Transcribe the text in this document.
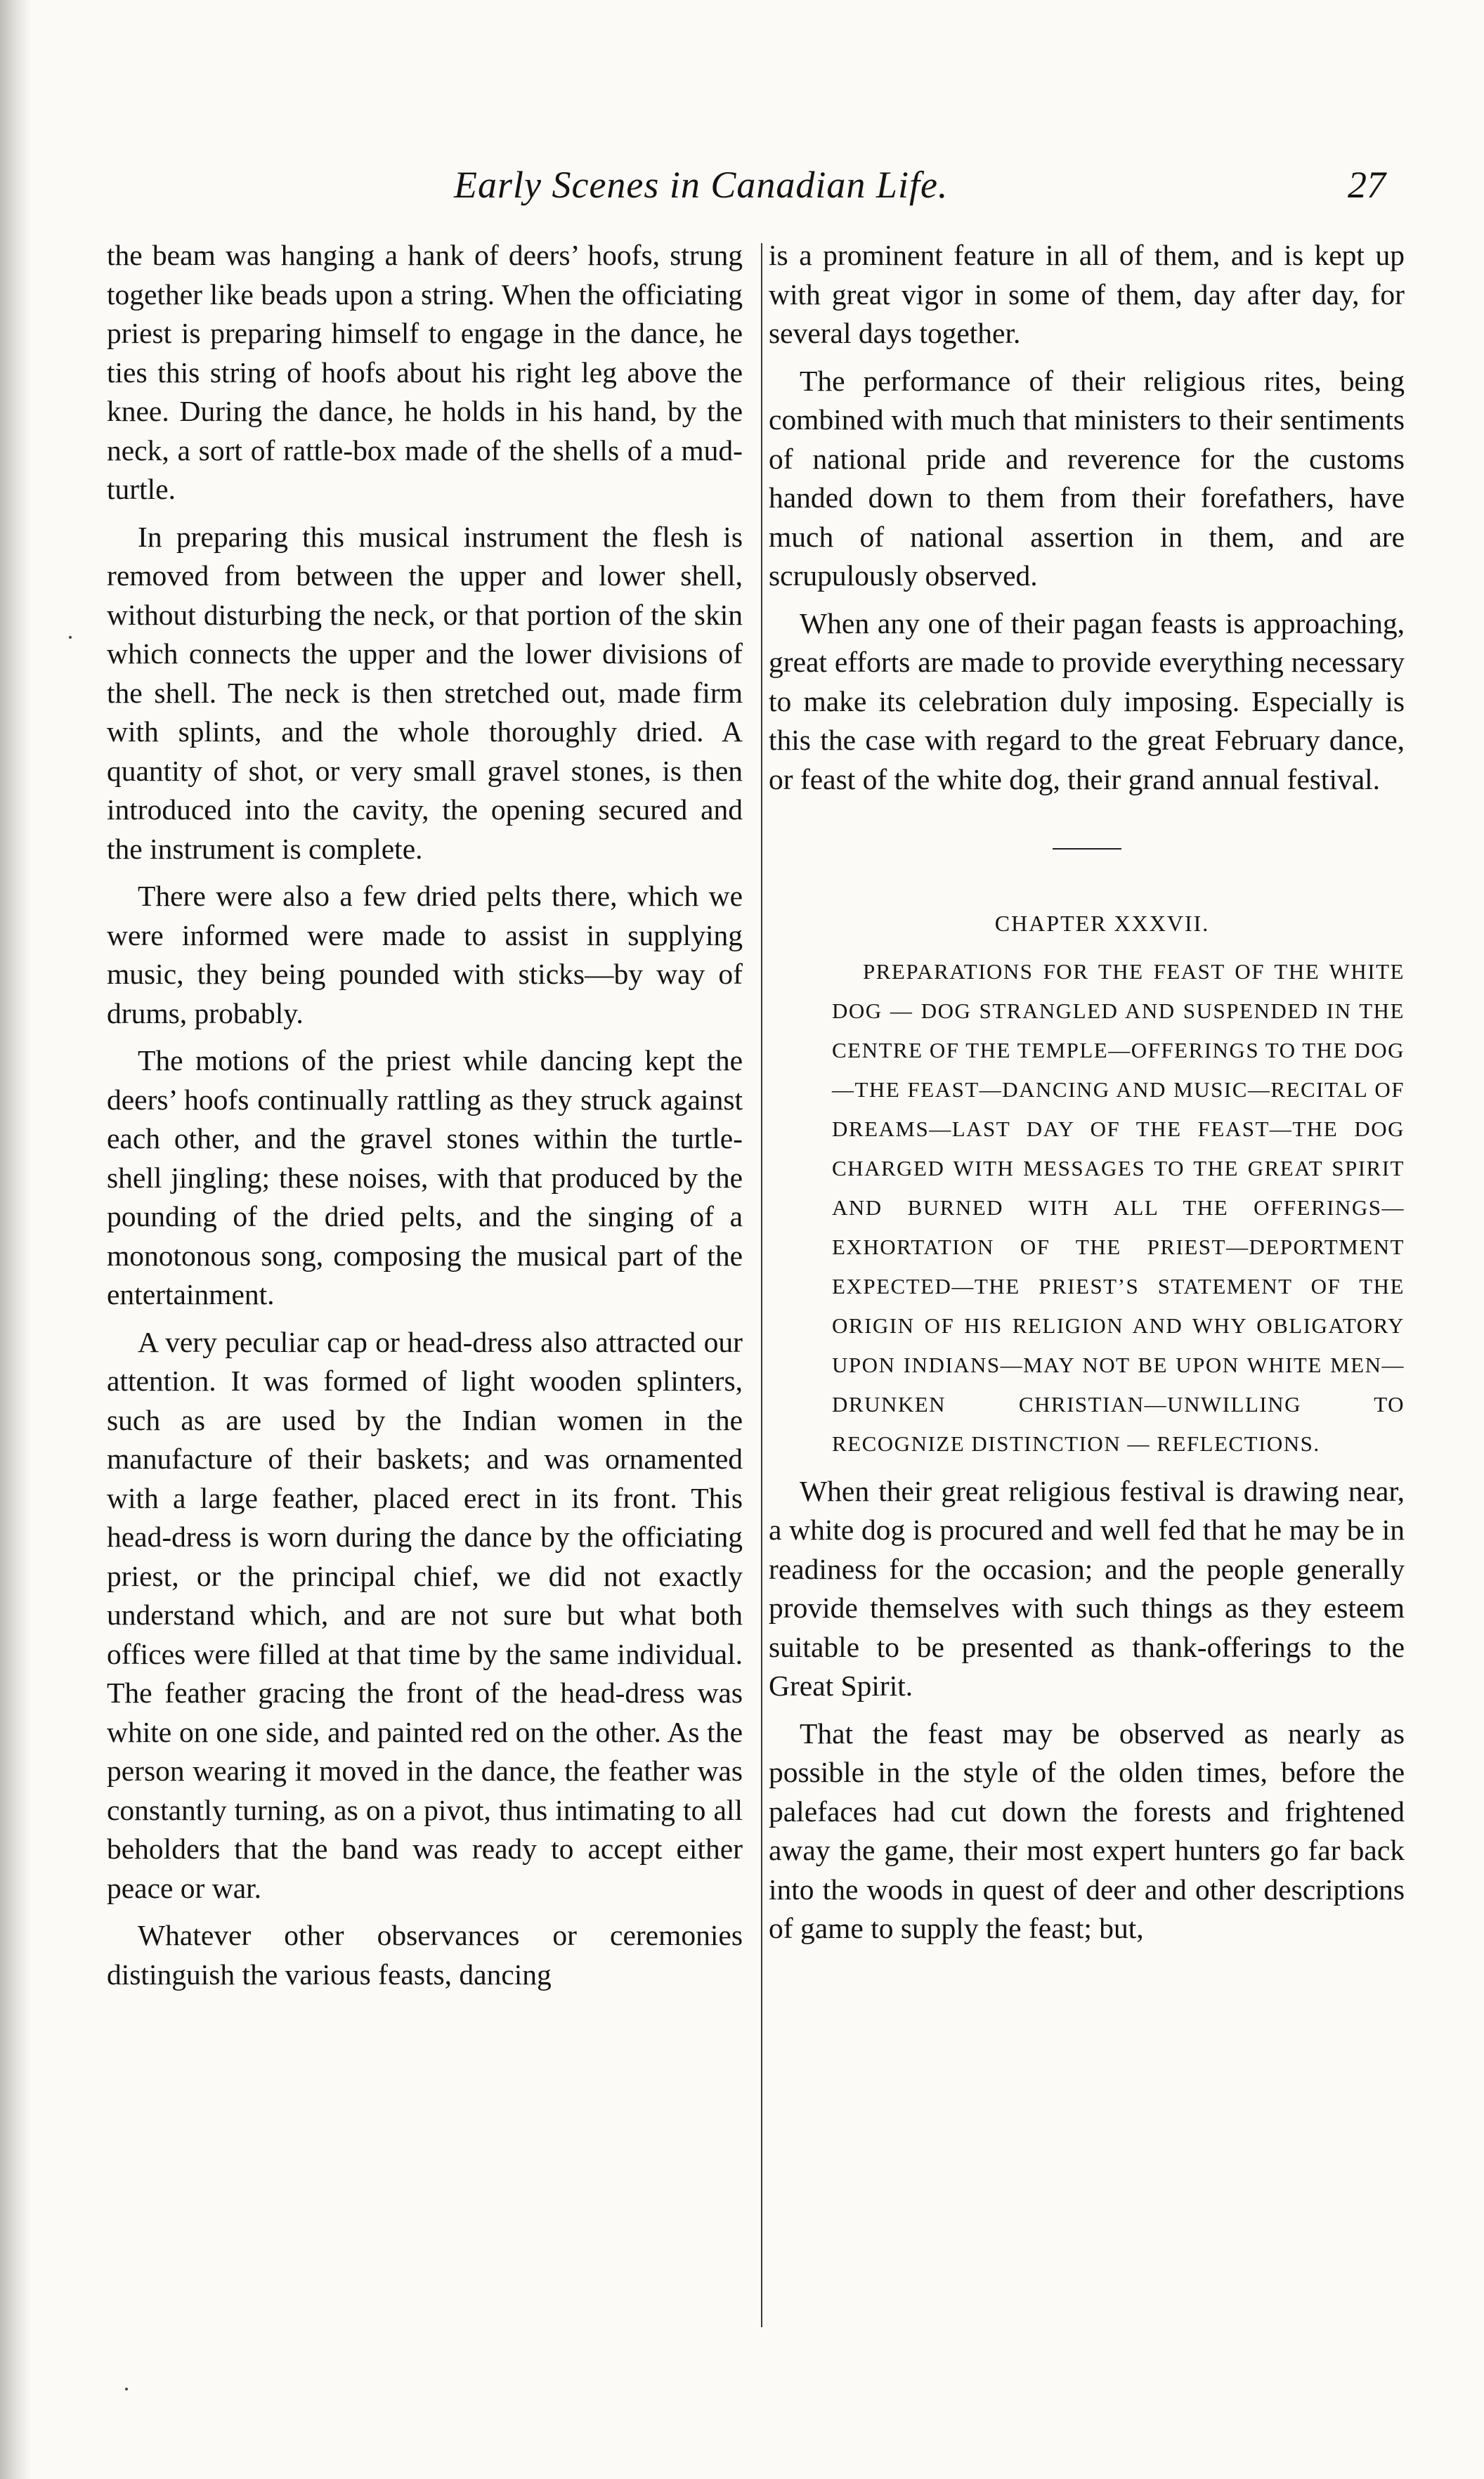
Early Scenes in Canadian Life.	27

the beam was hanging a hank of deers’ hoofs, strung together like beads upon a string. When the officiating priest is preparing himself to engage in the dance, he ties this string of hoofs about his right leg above the knee. During the dance, he holds in his hand, by the neck, a sort of rattle-box made of the shells of a mud-turtle.

In preparing this musical instrument the flesh is removed from between the upper and lower shell, without disturbing the neck, or that portion of the skin which connects the upper and the lower divisions of the shell. The neck is then stretched out, made firm with splints, and the whole thoroughly dried. A quantity of shot, or very small gravel stones, is then introduced into the cavity, the opening secured and the instrument is complete.

There were also a few dried pelts there, which we were informed were made to assist in supplying music, they being pounded with sticks—by way of drums, probably.

The motions of the priest while dancing kept the deers’ hoofs continually rattling as they struck against each other, and the gravel stones within the turtle-shell jingling; these noises, with that produced by the pounding of the dried pelts, and the singing of a monotonous song, composing the musical part of the entertainment.

A very peculiar cap or head-dress also attracted our attention. It was formed of light wooden splinters, such as are used by the Indian women in the manufacture of their baskets; and was ornamented with a large feather, placed erect in its front. This head-dress is worn during the dance by the officiating priest, or the principal chief, we did not exactly understand which, and are not sure but what both offices were filled at that time by the same individual. The feather gracing the front of the head-dress was white on one side, and painted red on the other. As the person wearing it moved in the dance, the feather was constantly turning, as on a pivot, thus intimating to all beholders that the band was ready to accept either peace or war.

Whatever other observances or ceremonies distinguish the various feasts, dancing

is a prominent feature in all of them, and is kept up with great vigor in some of them, day after day, for several days together.

The performance of their religious rites, being combined with much that ministers to their sentiments of national pride and reverence for the customs handed down to them from their forefathers, have much of national assertion in them, and are scrupulously observed.

When any one of their pagan feasts is approaching, great efforts are made to provide everything necessary to make its celebration duly imposing. Especially is this the case with regard to the great February dance, or feast of the white dog, their grand annual festival.

CHAPTER XXXVII.

PREPARATIONS FOR THE FEAST OF THE WHITE DOG — DOG STRANGLED AND SUSPENDED IN THE CENTRE OF THE TEMPLE—OFFERINGS TO THE DOG—THE FEAST—DANCING AND MUSIC—RECITAL OF DREAMS—LAST DAY OF THE FEAST—THE DOG CHARGED WITH MESSAGES TO THE GREAT SPIRIT AND BURNED WITH ALL THE OFFERINGS—EXHORTATION OF THE PRIEST—DEPORTMENT EXPECTED—THE PRIEST’S STATEMENT OF THE ORIGIN OF HIS RELIGION AND WHY OBLIGATORY UPON INDIANS—MAY NOT BE UPON WHITE MEN—DRUNKEN CHRISTIAN—UNWILLING TO RECOGNIZE DISTINCTION — REFLECTIONS.

When their great religious festival is drawing near, a white dog is procured and well fed that he may be in readiness for the occasion; and the people generally provide themselves with such things as they esteem suitable to be presented as thank-offerings to the Great Spirit.

That the feast may be observed as nearly as possible in the style of the olden times, before the palefaces had cut down the forests and frightened away the game, their most expert hunters go far back into the woods in quest of deer and other descriptions of game to supply the feast; but,
